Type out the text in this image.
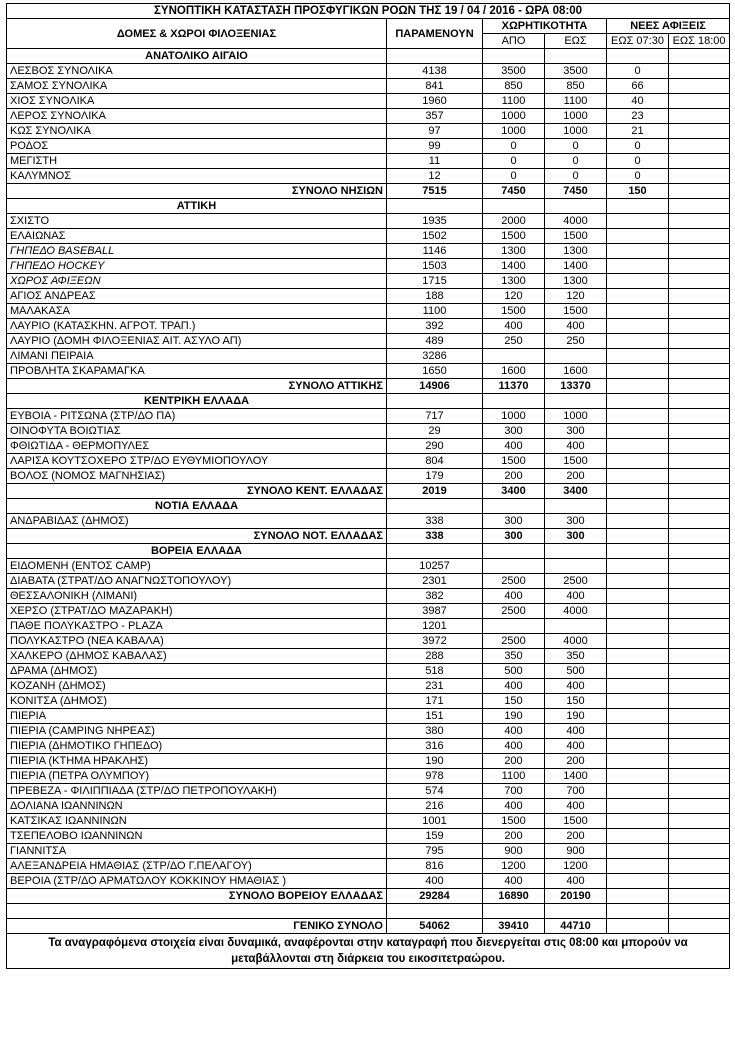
ΣΥΝΟΠΤΙΚΗ ΚΑΤΑΣΤΑΣΗ ΠΡΟΣΦΥΓΙΚΩΝ ΡΟΩΝ ΤΗΣ 19 / 04 / 2016 - ΩΡΑ 08:00					
ΔΟΜΕΣ & ΧΩΡΟΙ ΦΙΛΟΞΕΝΙΑΣ	ΠΑΡΑΜΕΝΟΥΝ	ΧΩΡΗΤΙΚΟΤΗΤΑ		ΝΕΕΣ ΑΦΙΞΕΙΣ	
		ΑΠΟ	ΕΩΣ	ΕΩΣ 07:30	ΕΩΣ 18:00
ΑΝΑΤΟΛΙΚΟ ΑΙΓΑΙΟ					
ΛΕΣΒΟΣ ΣΥΝΟΛΙΚΑ	4138	3500	3500	0	
ΣΑΜΟΣ ΣΥΝΟΛΙΚΑ	841	850	850	66	
ΧΙΟΣ ΣΥΝΟΛΙΚΑ	1960	1100	1100	40	
ΛΕΡΟΣ ΣΥΝΟΛΙΚΑ	357	1000	1000	23	
ΚΩΣ ΣΥΝΟΛΙΚΑ	97	1000	1000	21	
ΡΟΔΟΣ	99	0	0	0	
ΜΕΓΙΣΤΗ	11	0	0	0	
ΚΑΛΥΜΝΟΣ	12	0	0	0	
ΣΥΝΟΛΟ ΝΗΣΙΩΝ	7515	7450	7450	150	
ΑΤΤΙΚΗ					
ΣΧΙΣΤΟ	1935	2000	4000		
ΕΛΑΙΩΝΑΣ	1502	1500	1500		
ΓΗΠΕΔΟ BASEBALL	1146	1300	1300		
ΓΗΠΕΔΟ HOCKEY	1503	1400	1400		
ΧΩΡΟΣ ΑΦΙΞΕΩΝ	1715	1300	1300		
ΑΓΙΟΣ ΑΝΔΡΕΑΣ	188	120	120		
ΜΑΛΑΚΑΣΑ	1100	1500	1500		
ΛΑΥΡΙΟ (ΚΑΤΑΣΚΗΝ. ΑΓΡΟΤ. ΤΡΑΠ.)	392	400	400		
ΛΑΥΡΙΟ (ΔΟΜΗ ΦΙΛΟΞΕΝΙΑΣ ΑΙΤ. ΑΣΥΛΟ ΑΠ)	489	250	250		
ΛΙΜΑΝΙ ΠΕΙΡΑΙΑ	3286				
ΠΡΟΒΛΗΤΑ ΣΚΑΡΑΜΑΓΚΑ	1650	1600	1600		
ΣΥΝΟΛΟ ΑΤΤΙΚΗΣ	14906	11370	13370		
ΚΕΝΤΡΙΚΗ ΕΛΛΑΔΑ					
ΕΥΒΟΙΑ - ΡΙΤΣΩΝΑ (ΣΤΡ/ΔΟ ΠΑ)	717	1000	1000		
ΟΙΝΟΦΥΤΑ ΒΟΙΩΤΙΑΣ	29	300	300		
ΦΘΙΩΤΙΔΑ - ΘΕΡΜΟΠΥΛΕΣ	290	400	400		
ΛΑΡΙΣΑ ΚΟΥΤΣΟΧΕΡΟ ΣΤΡ/ΔΟ ΕΥΘΥΜΙΟΠΟΥΛΟΥ	804	1500	1500		
ΒΟΛΟΣ (ΝΟΜΟΣ ΜΑΓΝΗΣΙΑΣ)	179	200	200		
ΣΥΝΟΛΟ ΚΕΝΤ. ΕΛΛΑΔΑΣ	2019	3400	3400		
ΝΟΤΙΑ ΕΛΛΑΔΑ					
ΑΝΔΡΑΒΙΔΑΣ (ΔΗΜΟΣ)	338	300	300		
ΣΥΝΟΛΟ ΝΟΤ. ΕΛΛΑΔΑΣ	338	300	300		
ΒΟΡΕΙΑ ΕΛΛΑΔΑ					
ΕΙΔΟΜΕΝΗ (ΕΝΤΟΣ CAMP)	10257				
ΔΙΑΒΑΤΑ (ΣΤΡΑΤ/ΔΟ ΑΝΑΓΝΩΣΤΟΠΟΥΛΟΥ)	2301	2500	2500		
ΘΕΣΣΑΛΟΝΙΚΗ (ΛΙΜΑΝΙ)	382	400	400		
ΧΕΡΣΟ (ΣΤΡΑΤ/ΔΟ ΜΑΖΑΡΑΚΗ)	3987	2500	4000		
ΠΑΘΕ ΠΟΛΥΚΑΣΤΡΟ - PLAZA	1201				
ΠΟΛΥΚΑΣΤΡΟ (ΝΕΑ ΚΑΒΑΛΑ)	3972	2500	4000		
ΧΑΛΚΕΡΟ (ΔΗΜΟΣ ΚΑΒΑΛΑΣ)	288	350	350		
ΔΡΑΜΑ (ΔΗΜΟΣ)	518	500	500		
ΚΟΖΑΝΗ (ΔΗΜΟΣ)	231	400	400		
ΚΟΝΙΤΣΑ (ΔΗΜΟΣ)	171	150	150		
ΠΙΕΡΙΑ	151	190	190		
ΠΙΕΡΙΑ (CAMPING ΝΗΡΕΑΣ)	380	400	400		
ΠΙΕΡΙΑ (ΔΗΜΟΤΙΚΟ ΓΗΠΕΔΟ)	316	400	400		
ΠΙΕΡΙΑ (ΚΤΗΜΑ ΗΡΑΚΛΗΣ)	190	200	200		
ΠΙΕΡΙΑ (ΠΕΤΡΑ ΟΛΥΜΠΟΥ)	978	1100	1400		
ΠΡΕΒΕΖΑ - ΦΙΛΙΠΠΙΑΔΑ (ΣΤΡ/ΔΟ ΠΕΤΡΟΠΟΥΛΑΚΗ)	574	700	700		
ΔΟΛΙΑΝΑ ΙΩΑΝΝΙΝΩΝ	216	400	400		
ΚΑΤΣΙΚΑΣ ΙΩΑΝΝΙΝΩΝ	1001	1500	1500		
ΤΣΕΠΕΛΟΒΟ ΙΩΑΝΝΙΝΩΝ	159	200	200		
ΓΙΑΝΝΙΤΣΑ	795	900	900		
ΑΛΕΞΑΝΔΡΕΙΑ ΗΜΑΘΙΑΣ (ΣΤΡ/ΔΟ Γ.ΠΕΛΑΓΟΥ)	816	1200	1200		
ΒΕΡΟΙΑ (ΣΤΡ/ΔΟ ΑΡΜΑΤΩΛΟΥ ΚΟΚΚΙΝΟΥ ΗΜΑΘΙΑΣ )	400	400	400		
ΣΥΝΟΛΟ ΒΟΡΕΙΟΥ ΕΛΛΑΔΑΣ	29284	16890	20190		

ΓΕΝΙΚΟ ΣΥΝΟΛΟ	54062	39410	44710		
Τα αναγραφόμενα στοιχεία είναι δυναμικά, αναφέρονται στην καταγραφή που διενεργείται στις 08:00 και μπορούν να μεταβάλλονται στη διάρκεια του εικοσιτετραώρου.					
